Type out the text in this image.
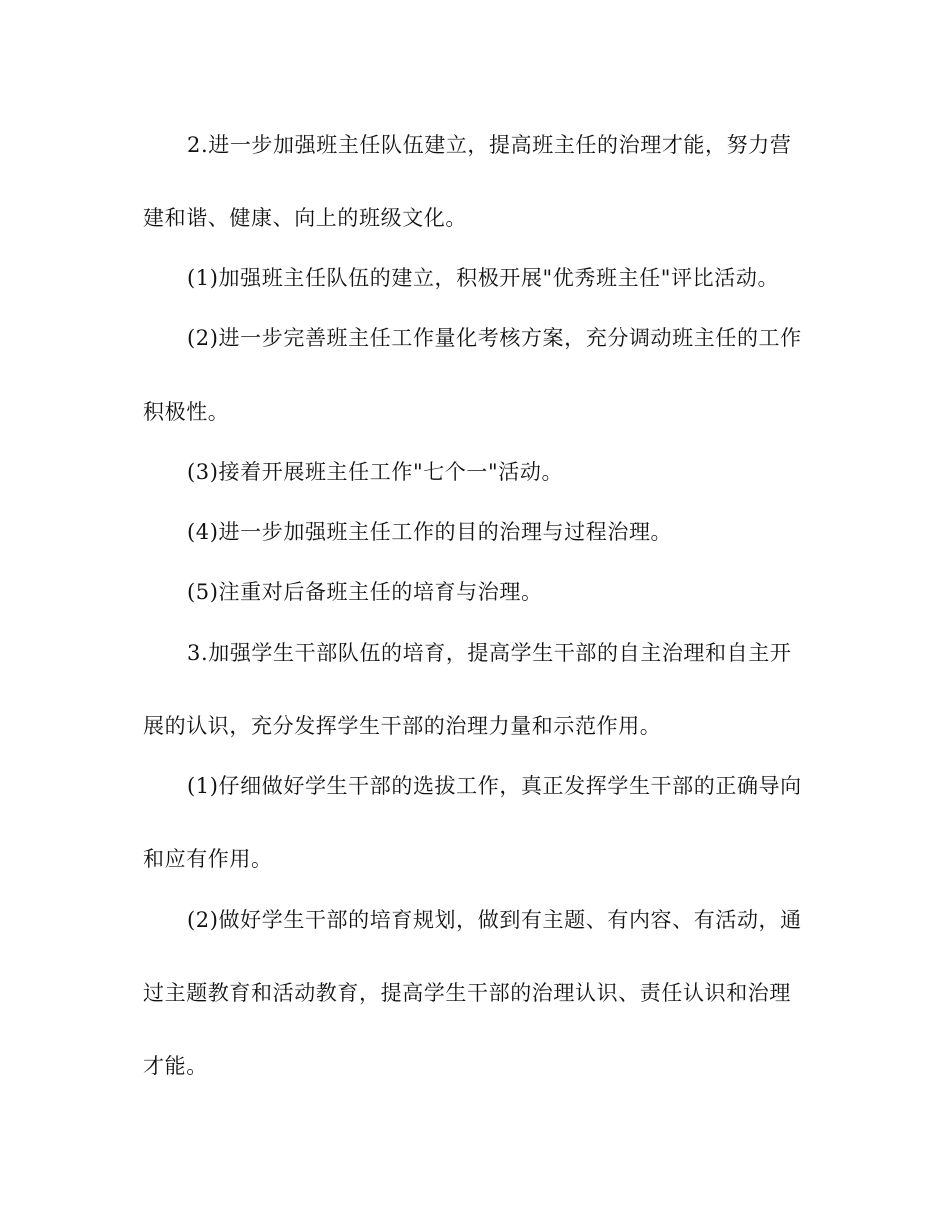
2.进一步加强班主任队伍建立，提高班主任的治理才能，努力营
建和谐、健康、向上的班级文化。
(1)加强班主任队伍的建立，积极开展"优秀班主任"评比活动。
(2)进一步完善班主任工作量化考核方案，充分调动班主任的工作
积极性。
(3)接着开展班主任工作"七个一"活动。
(4)进一步加强班主任工作的目的治理与过程治理。
(5)注重对后备班主任的培育与治理。
3.加强学生干部队伍的培育，提高学生干部的自主治理和自主开
展的认识，充分发挥学生干部的治理力量和示范作用。
(1)仔细做好学生干部的选拔工作，真正发挥学生干部的正确导向
和应有作用。
(2)做好学生干部的培育规划，做到有主题、有内容、有活动，通
过主题教育和活动教育，提高学生干部的治理认识、责任认识和治理
才能。
